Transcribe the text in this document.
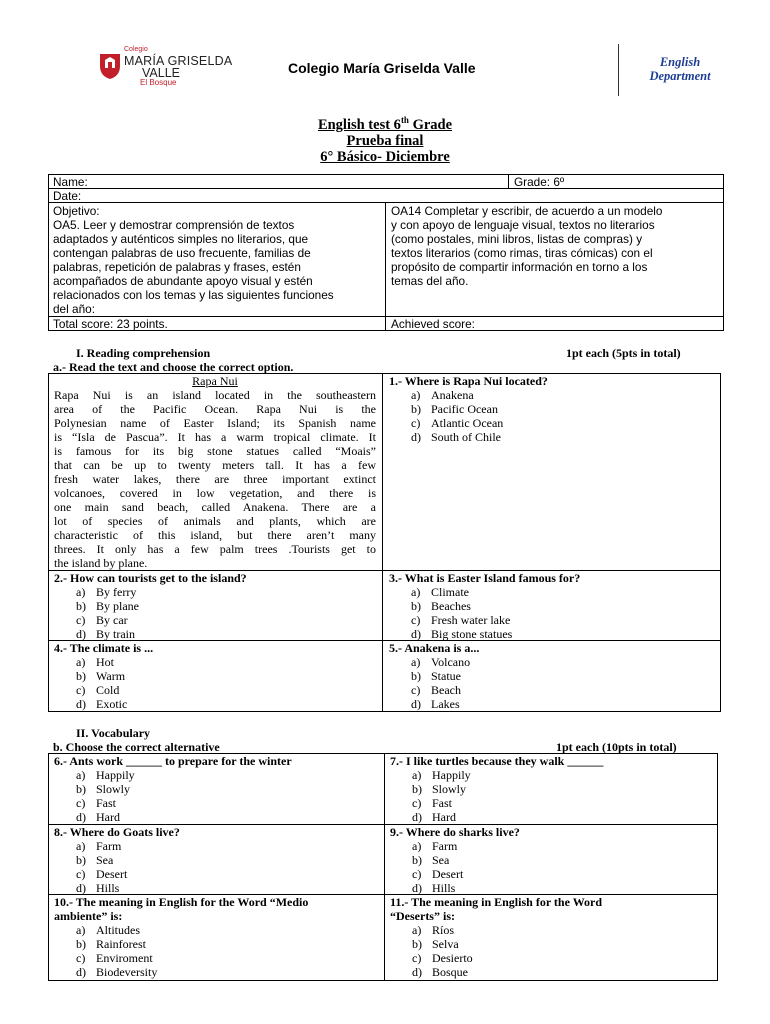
Colegio
MARÍA GRISELDA
VALLE
El Bosque
Colegio María Griselda Valle	English
Department
English test 6th Grade
Prueba final
6° Básico- Diciembre
Name:	Grade: 6º
Date:
Objetivo:
OA5. Leer y demostrar comprensión de textos
adaptados y auténticos simples no literarios, que
contengan palabras de uso frecuente, familias de
palabras, repetición de palabras y frases, estén
acompañados de abundante apoyo visual y estén
relacionados con los temas y las siguientes funciones
del año:
OA14 Completar y escribir, de acuerdo a un modelo
y con apoyo de lenguaje visual, textos no literarios
(como postales, mini libros, listas de compras) y
textos literarios (como rimas, tiras cómicas) con el
propósito de compartir información en torno a los
temas del año.
Total score: 23 points.	Achieved score:
I. Reading comprehension	1pt each (5pts in total)
a.- Read the text and choose the correct option.
Rapa Nui
Rapa Nui is an island located in the southeastern
area of the Pacific Ocean. Rapa Nui is the
Polynesian name of Easter Island; its Spanish name
is “Isla de Pascua”. It has a warm tropical climate. It
is famous for its big stone statues called “Moais”
that can be up to twenty meters tall. It has a few
fresh water lakes, there are three important extinct
volcanoes, covered in low vegetation, and there is
one main sand beach, called Anakena. There are a
lot of species of animals and plants, which are
characteristic of this island, but there aren’t many
threes. It only has a few palm trees .Tourists get to
the island by plane.
1.- Where is Rapa Nui located?
a) Anakena
b) Pacific Ocean
c) Atlantic Ocean
d) South of Chile
2.- How can tourists get to the island?
a) By ferry
b) By plane
c) By car
d) By train
3.- What is Easter Island famous for?
a) Climate
b) Beaches
c) Fresh water lake
d) Big stone statues
4.- The climate is ...
a) Hot
b) Warm
c) Cold
d) Exotic
5.- Anakena is a...
a) Volcano
b) Statue
c) Beach
d) Lakes
II. Vocabulary
b. Choose the correct alternative	1pt each (10pts in total)
6.- Ants work ______ to prepare for the winter
a) Happily
b) Slowly
c) Fast
d) Hard
7.- I like turtles because they walk ______
a) Happily
b) Slowly
c) Fast
d) Hard
8.- Where do Goats live?
a) Farm
b) Sea
c) Desert
d) Hills
9.- Where do sharks live?
a) Farm
b) Sea
c) Desert
d) Hills
10.- The meaning in English for the Word “Medio
ambiente” is:
a) Altitudes
b) Rainforest
c) Enviroment
d) Biodeversity
11.- The meaning in English for the Word
“Deserts” is:
a) Ríos
b) Selva
c) Desierto
d) Bosque
